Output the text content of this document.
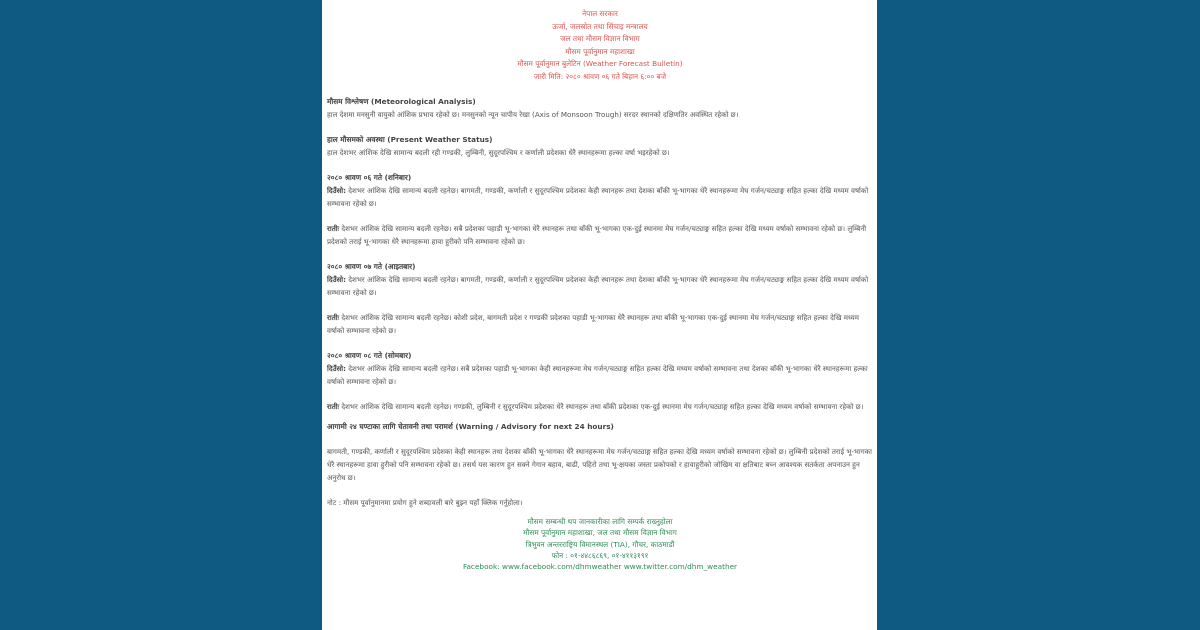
नेपाल सरकार
ऊर्जा, जलस्रोत तथा सिंचाइ मन्त्रालय
जल तथा मौसम विज्ञान विभाग
मौसम पूर्वानुमान महाशाखा
मौसम पूर्वानुमान बुलेटिन (Weather Forecast Bulletin)
जारी मिति: २०८० श्रावण ०६ गते बिहान ६:०० बजे
मौसम विश्लेषण (Meteorological Analysis)

हाल देशमा मनसुनी वायुको आंशिक प्रभाव रहेको छ। मनसुनको न्यून चापीय रेखा (Axis of Monsoon Trough) सरदर स्थानको दक्षिणतिर अवस्थित रहेको छ।

हाल मौसमको अवस्था (Present Weather Status)

हाल देशभर आंशिक देखि सामान्य बदली रही गण्डकी, लुम्बिनी, सुदूरपश्चिम र कर्णाली प्रदेशका धेरै स्थानहरूमा हल्का वर्षा भइरहेको छ।

२०८० श्रावण ०६ गते (शनिबार)

दिउँसो: देशभर आंशिक देखि सामान्य बदली रहनेछ। बागमती, गण्डकी, कर्णाली र सुदूरपश्चिम प्रदेशका केही स्थानहरू तथा देशका बाँकी भू-भागका धेरै स्थानहरूमा मेघ गर्जन/चट्याङ्ग सहित हल्का देखि मध्यम वर्षाको सम्भावना रहेको छ।

रातीः देशभर आंशिक देखि सामान्य बदली रहनेछ। सबै प्रदेशका पहाडी भू-भागका धेरै स्थानहरू तथा बाँकी भू-भागका एक-दुई स्थानमा मेघ गर्जन/चट्याङ्ग सहित हल्का देखि मध्यम वर्षाको सम्भावना रहेको छ। लुम्बिनी प्रदेशको तराई भू-भागका धेरै स्थानहरूमा हावा हुरीको पनि सम्भावना रहेको छ।

२०८० श्रावण ०७ गते (आइतबार)

दिउँसो: देशभर आंशिक देखि सामान्य बदली रहनेछ। बागमती, गण्डकी, कर्णाली र सुदूरपश्चिम प्रदेशका केही स्थानहरू तथा देशका बाँकी भू-भागका धेरै स्थानहरूमा मेघ गर्जन/चट्याङ्ग सहित हल्का देखि मध्यम वर्षाको सम्भावना रहेको छ।

रातीः देशभर आंशिक देखि सामान्य बदली रहनेछ। कोशी प्रदेश, बागमती प्रदेश र गण्डकी प्रदेशका पहाडी भू-भागका धेरै स्थानहरू तथा बाँकी भू-भागका एक-दुई स्थानमा मेघ गर्जन/चट्याङ्ग सहित हल्का देखि मध्यम वर्षाको सम्भावना रहेको छ।

२०८० श्रावण ०८ गते (सोमबार)

दिउँसो: देशभर आंशिक देखि सामान्य बदली रहनेछ। सबै प्रदेशका पहाडी भू-भागका केही स्थानहरूमा मेघ गर्जन/चट्याङ्ग सहित हल्का देखि मध्यम वर्षाको सम्भावना तथा देशका बाँकी भू-भागका धेरै स्थानहरूमा हल्का वर्षाको सम्भावना रहेको छ।

रातीः देशभर आंशिक देखि सामान्य बदली रहनेछ। गण्डकी, लुम्बिनी र सुदूरपश्चिम प्रदेशका धेरै स्थानहरू तथा बाँकी प्रदेशका एक-दुई स्थानमा मेघ गर्जन/चट्याङ्ग सहित हल्का देखि मध्यम वर्षाको सम्भावना रहेको छ।

आगामी २४ घण्टाका लागि चेतावनी तथा परामर्श (Warning / Advisory for next 24 hours)

बागमती, गण्डकी, कर्णाली र सुदूरपश्चिम प्रदेशका केही स्थानहरू तथा देशका बाँकी भू-भागका धेरै स्थानहरूमा मेघ गर्जन/चट्याङ्ग सहित हल्का देखि मध्यम वर्षाको सम्भावना रहेको छ। लुम्बिनी प्रदेशको तराई भू-भागका धेरै स्थानहरूमा हावा हुरीको पनि सम्भावना रहेको छ। तसर्थ यस कारण हुन सक्ने गेगान बहाव, बाढी, पहिरो तथा भू-क्षयका जस्ता प्रकोपको र हावाहुरीको जोखिम वा क्षतिबाट बच्न आवश्यक सतर्कता अपनाउन हुन अनुरोध छ।

नोट : मौसम पूर्वानुमानमा प्रयोग हुने शब्दावली बारे बुझ्न यहाँ क्लिक गर्नुहोला।

मौसम सम्बन्धी थप जानकारीका लागि सम्पर्क राख्नुहोला
मौसम पूर्वानुमान महाशाखा, जल तथा मौसम विज्ञान विभाग
त्रिभुवन अन्तरराष्ट्रिय विमानस्थल (TIA), गौचर, काठमाडौं
फोन : ०१-४४८६८६९, ०१-४११३१९१
Facebook: www.facebook.com/dhmweather www.twitter.com/dhm_weather
